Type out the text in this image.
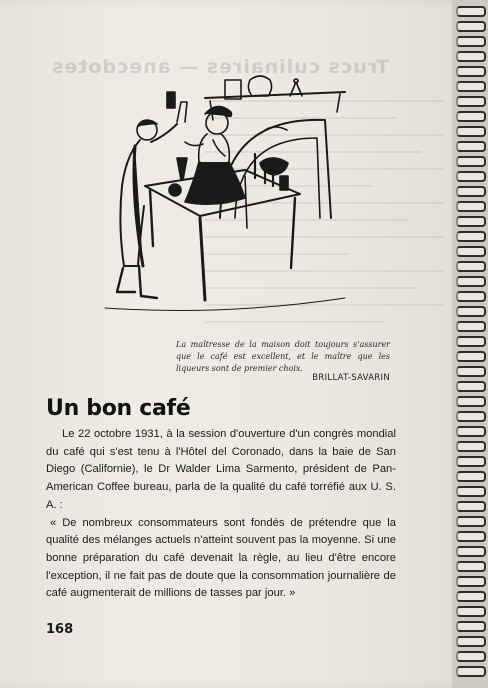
Trucs culinaires — anecdotes
La maîtresse de la maison doit toujours s'assurer que le café est excellent, et le maître que les liqueurs sont de premier choix.
BRILLAT-SAVARIN
Un bon café

Le 22 octobre 1931, à la session d'ouverture d'un congrès mondial du café qui s'est tenu à l'Hôtel del Coronado, dans la baie de San Diego (Californie), le Dr Walder Lima Sarmento, président de Pan-American Coffee bureau, parla de la qualité du café torréfié aux U. S. A. :

« De nombreux consommateurs sont fondés de prétendre que la qualité des mélanges actuels n'atteint souvent pas la moyenne. Si une bonne préparation du café devenait la règle, au lieu d'être encore l'exception, il ne fait pas de doute que la consommation journalière de café augmenterait de millions de tasses par jour. »

168
